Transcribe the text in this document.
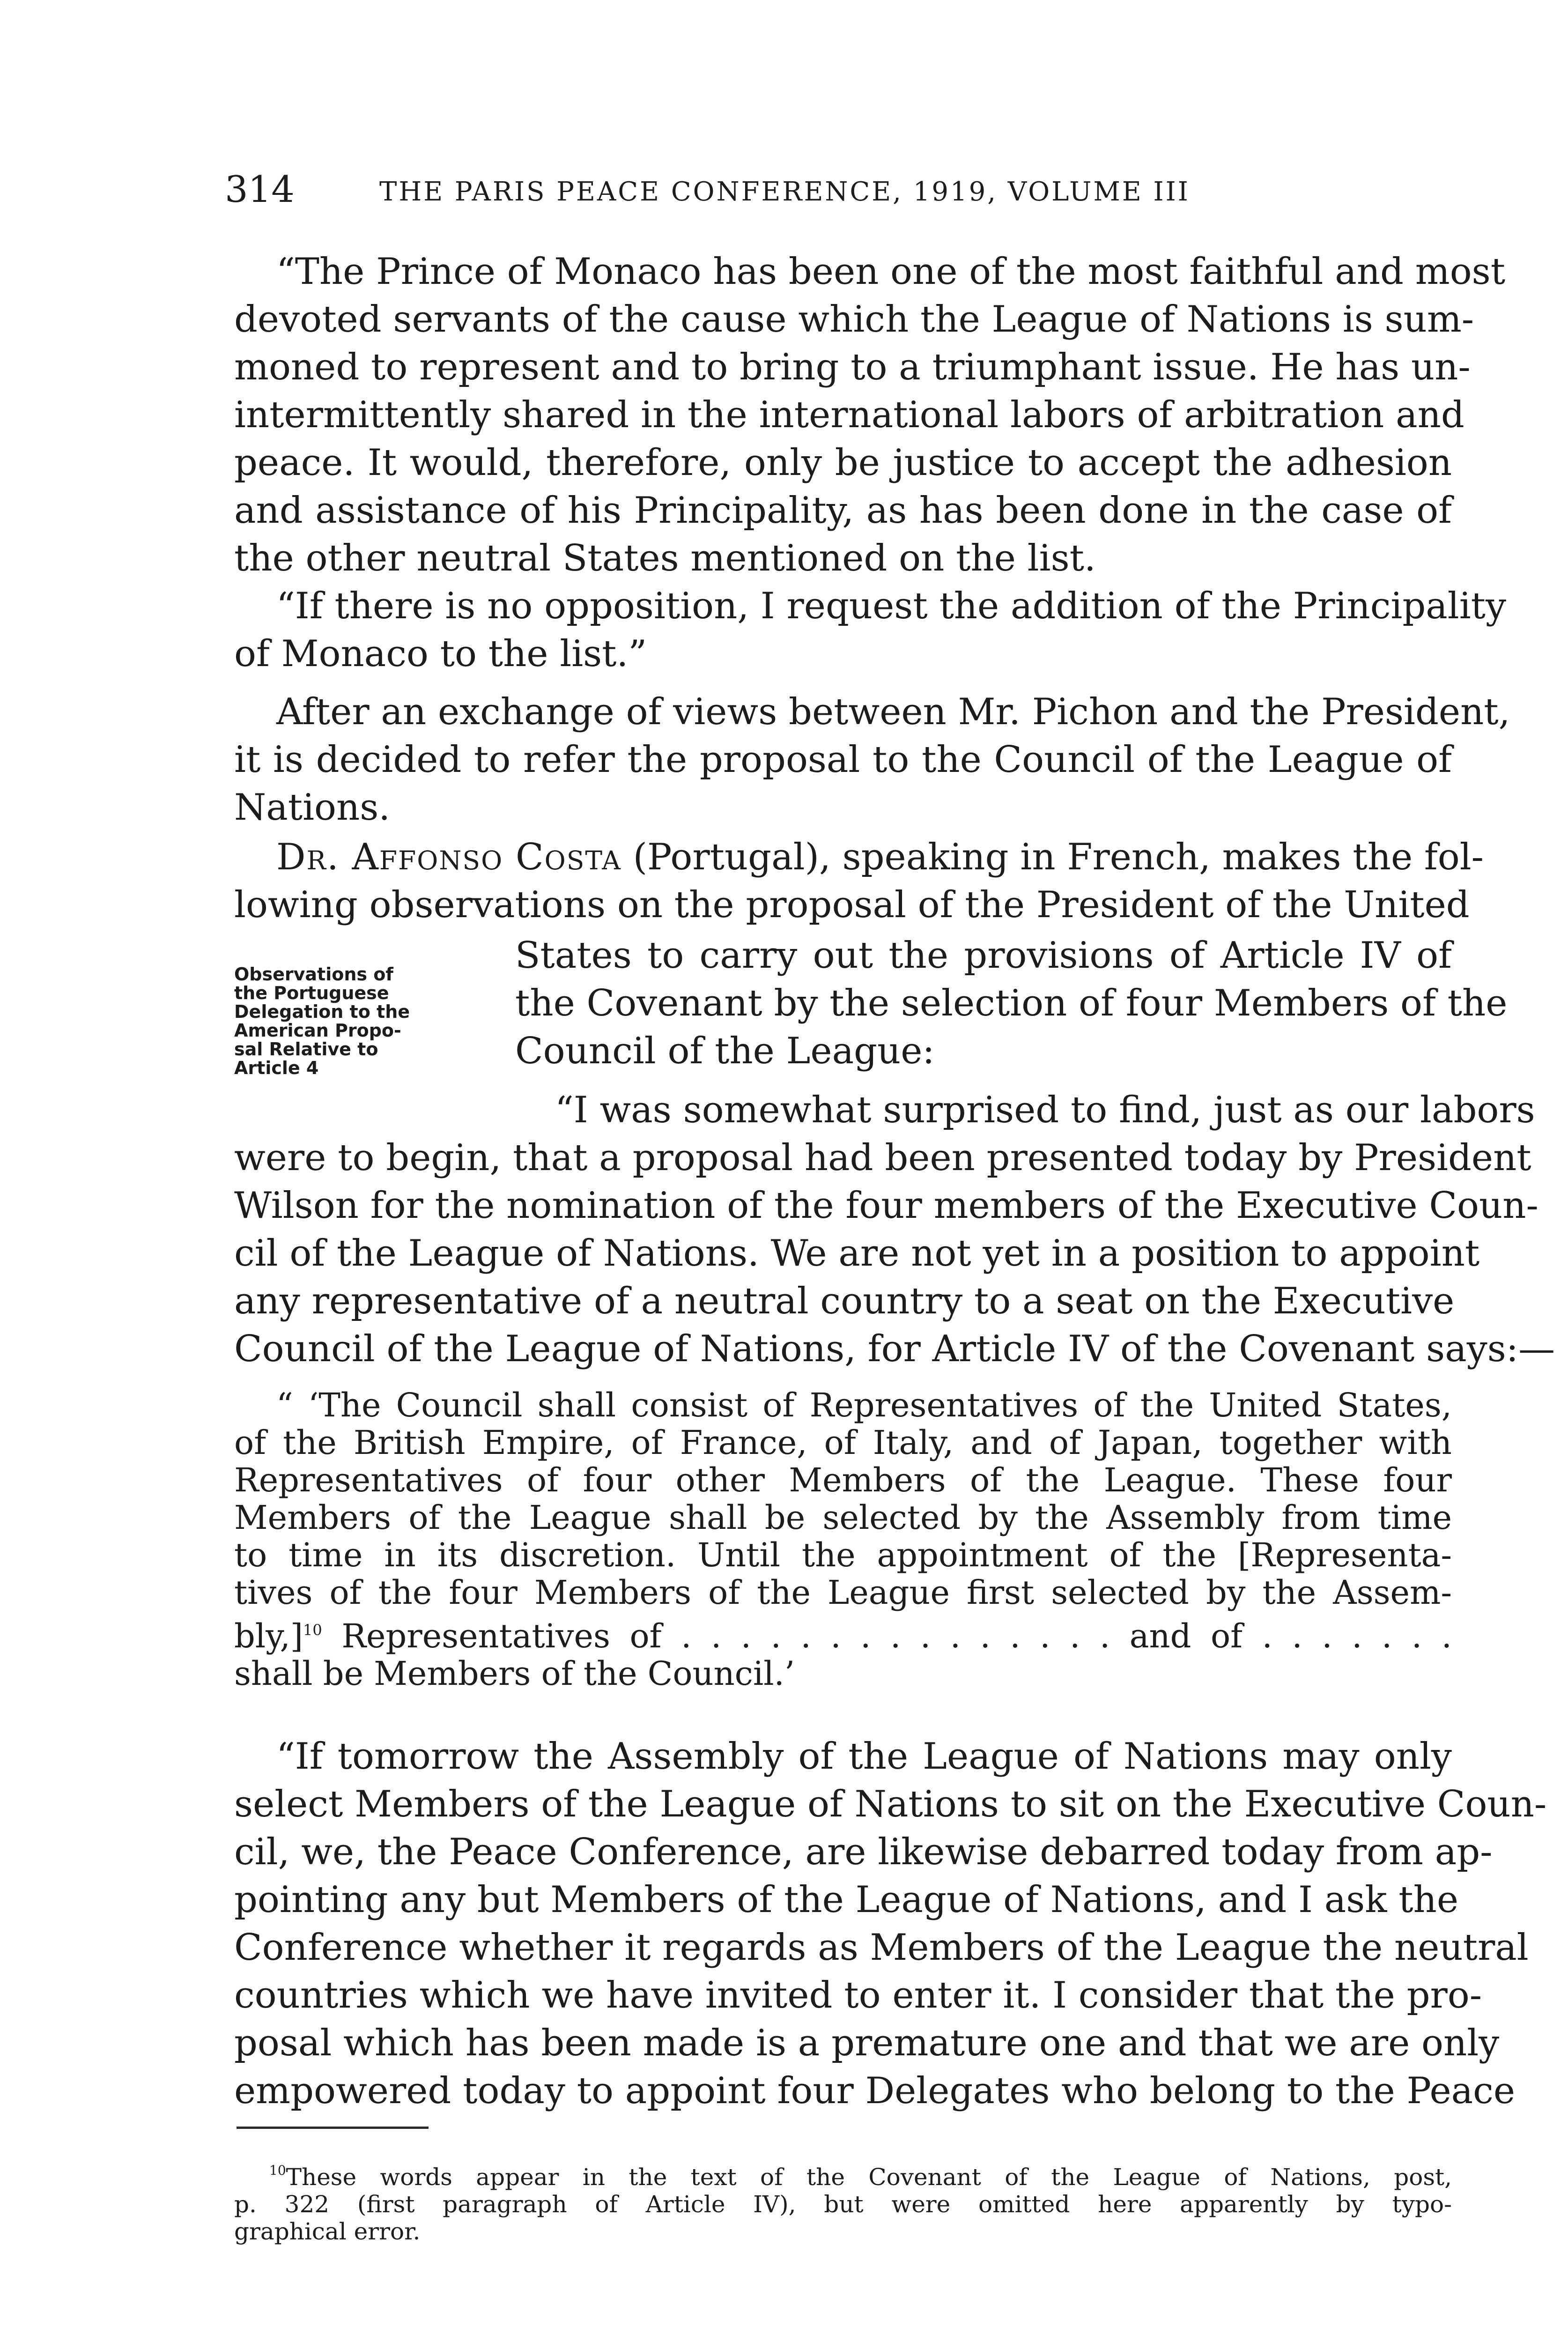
314	THE PARIS PEACE CONFERENCE, 1919, VOLUME III
“The Prince of Monaco has been one of the most faithful and most
devoted servants of the cause which the League of Nations is sum-
moned to represent and to bring to a triumphant issue. He has un-
intermittently shared in the international labors of arbitration and
peace. It would, therefore, only be justice to accept the adhesion
and assistance of his Principality, as has been done in the case of
the other neutral States mentioned on the list.
“If there is no opposition, I request the addition of the Principality
of Monaco to the list.”
After an exchange of views between Mr. Pichon and the President,
it is decided to refer the proposal to the Council of the League of
Nations.
Dr. Affonso Costa (Portugal), speaking in French, makes the fol-
lowing observations on the proposal of the President of the United
States to carry out the provisions of Article IV of
the Covenant by the selection of four Members of the
Council of the League:
Observations of
the Portuguese
Delegation to the
American Propo-
sal Relative to
Article 4
“I was somewhat surprised to find, just as our labors
were to begin, that a proposal had been presented today by President
Wilson for the nomination of the four members of the Executive Coun-
cil of the League of Nations. We are not yet in a position to appoint
any representative of a neutral country to a seat on the Executive
Council of the League of Nations, for Article IV of the Covenant says:—
“ ‘The Council shall consist of Representatives of the United States,
of the British Empire, of France, of Italy, and of Japan, together with
Representatives of four other Members of the League. These four
Members of the League shall be selected by the Assembly from time
to time in its discretion. Until the appointment of the [Representa-
tives of the four Members of the League first selected by the Assem-
bly,]$^{10}$ Representatives of . . . . . . . . . . . . . . . and of . . . . . . .
shall be Members of the Council.’
“If tomorrow the Assembly of the League of Nations may only
select Members of the League of Nations to sit on the Executive Coun-
cil, we, the Peace Conference, are likewise debarred today from ap-
pointing any but Members of the League of Nations, and I ask the
Conference whether it regards as Members of the League the neutral
countries which we have invited to enter it. I consider that the pro-
posal which has been made is a premature one and that we are only
empowered today to appoint four Delegates who belong to the Peace
$^{10}$These words appear in the text of the Covenant of the League of Nations, post,
p. 322 (first paragraph of Article IV), but were omitted here apparently by typo-
graphical error.
